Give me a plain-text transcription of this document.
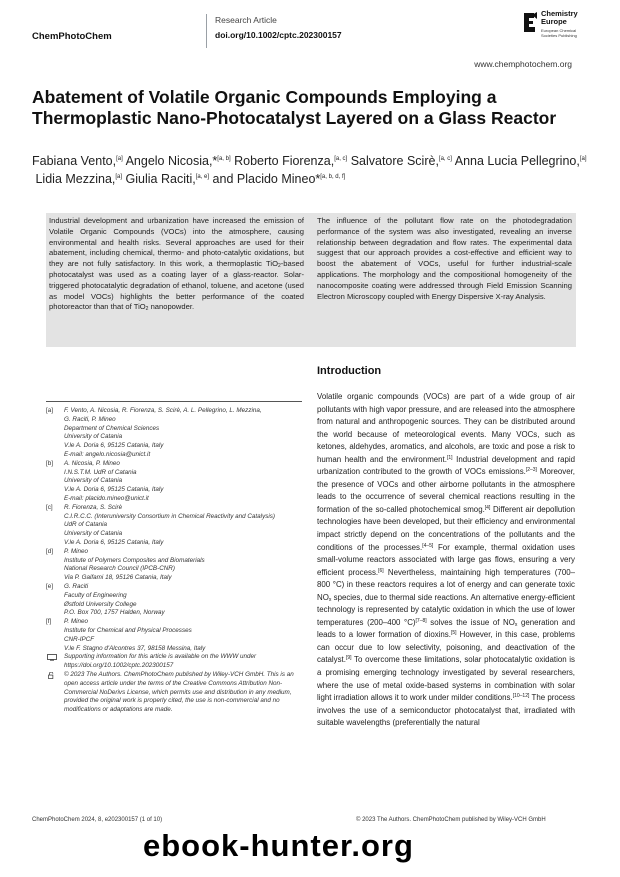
ChemPhotoChem
Research Article
doi.org/10.1002/cptc.202300157
Chemistry
Europe
European Chemical
Societies Publishing
www.chemphotochem.org
Abatement of Volatile Organic Compounds Employing a Thermoplastic Nano-Photocatalyst Layered on a Glass Reactor
Fabiana Vento,[a] Angelo Nicosia,*[a, b] Roberto Fiorenza,[a, c] Salvatore Scirè,[a, c] Anna Lucia Pellegrino,[a] Lidia Mezzina,[a] Giulia Raciti,[a, e] and Placido Mineo*[a, b, d, f]
Industrial development and urbanization have increased the emission of Volatile Organic Compounds (VOCs) into the atmosphere, causing environmental and health risks. Several approaches are used for their abatement, including chemical, thermo- and photo-catalytic oxidations, but they are not fully satisfactory. In this work, a thermoplastic TiO$_2$-based photocatalyst was used as a coating layer of a glass-reactor. Solar-triggered photocatalytic degradation of ethanol, toluene, and acetone (used as model VOCs) highlights the better performance of the coated photoreactor than that of TiO$_2$ nanopowder.
The influence of the pollutant flow rate on the photodegradation performance of the system was also investigated, revealing an inverse relationship between degradation and flow rates. The experimental data suggest that our approach provides a cost-effective and efficient way to boost the abatement of VOCs, useful for further industrial-scale applications. The morphology and the compositional homogeneity of the nanocomposite coating were addressed through Field Emission Scanning Electron Microscopy coupled with Energy Dispersive X-ray Analysis.
[a] F. Vento, A. Nicosia, R. Fiorenza, S. Scirè, A. L. Pellegrino, L. Mezzina,
G. Raciti, P. Mineo
Department of Chemical Sciences
University of Catania
V.le A. Doria 6, 95125 Catania, Italy
E-mail: angelo.nicosia@unict.it
[b] A. Nicosia, P. Mineo
I.N.S.T.M. UdR of Catania
University of Catania
V.le A. Doria 6, 95125 Catania, Italy
E-mail: placido.mineo@unict.it
[c] R. Fiorenza, S. Scirè
C.I.R.C.C. (Interuniversity Consortium in Chemical Reactivity and Catalysis)
UdR of Catania
University of Catania
V.le A. Doria 6, 95125 Catania, Italy
[d] P. Mineo
Institute of Polymers Composites and Biomaterials
National Research Council (IPCB-CNR)
Via P. Gaifami 18, 95126 Catania, Italy
[e] G. Raciti
Faculty of Engineering
Østfold University College
P.O. Box 700, 1757 Halden, Norway
[f] P. Mineo
Institute for Chemical and Physical Processes
CNR-IPCF
V.le F. Stagno d'Alcontres 37, 98158 Messina, Italy
Supporting information for this article is available on the WWW under https://doi.org/10.1002/cptc.202300157
© 2023 The Authors. ChemPhotoChem published by Wiley-VCH GmbH. This is an open access article under the terms of the Creative Commons Attribution Non-Commercial NoDerivs License, which permits use and distribution in any medium, provided the original work is properly cited, the use is non-commercial and no modifications or adaptations are made.
Introduction
Volatile organic compounds (VOCs) are part of a wide group of air pollutants with high vapor pressure, and are released into the atmosphere from natural and anthropogenic sources. They can be distributed around the world because of meteorological events. Many VOCs, such as ketones, aldehydes, aromatics, and alcohols, are toxic and pose a risk to human health and the environment.[1] Industrial development and rapid urbanization contributed to the growth of VOCs emissions.[2–3] Moreover, the presence of VOCs and other airborne pollutants in the atmosphere leads to the occurrence of several chemical reactions resulting in the formation of the so-called photochemical smog.[4] Different air depollution technologies have been developed, but their efficiency and environmental impact strictly depend on the concentrations of the pollutants and the conditions of the processes.[4–5] For example, thermal oxidation uses small-volume reactors associated with large gas flows, ensuring a very efficient process.[6] Nevertheless, maintaining high temperatures (700–800 °C) in these reactors requires a lot of energy and can generate toxic $NO_x$ species, due to thermal side reactions. An alternative energy-efficient technology is represented by catalytic oxidation in which the use of lower temperatures (200–400 °C)[7–8] solves the issue of $NO_x$ generation and leads to a lower formation of dioxins.[5] However, in this case, problems can occur due to low selectivity, poisoning, and deactivation of the catalyst.[9] To overcome these limitations, solar photocatalytic oxidation is a promising emerging technology investigated by several researchers, where the use of metal oxide-based systems in combination with solar light irradiation allows it to work under milder conditions.[10–12] The process involves the use of a semiconductor photocatalyst that, irradiated with suitable wavelengths (preferentially the natural
ChemPhotoChem 2024, 8, e202300157 (1 of 10)	© 2023 The Authors. ChemPhotoChem published by Wiley-VCH GmbH
ebook-hunter.org
